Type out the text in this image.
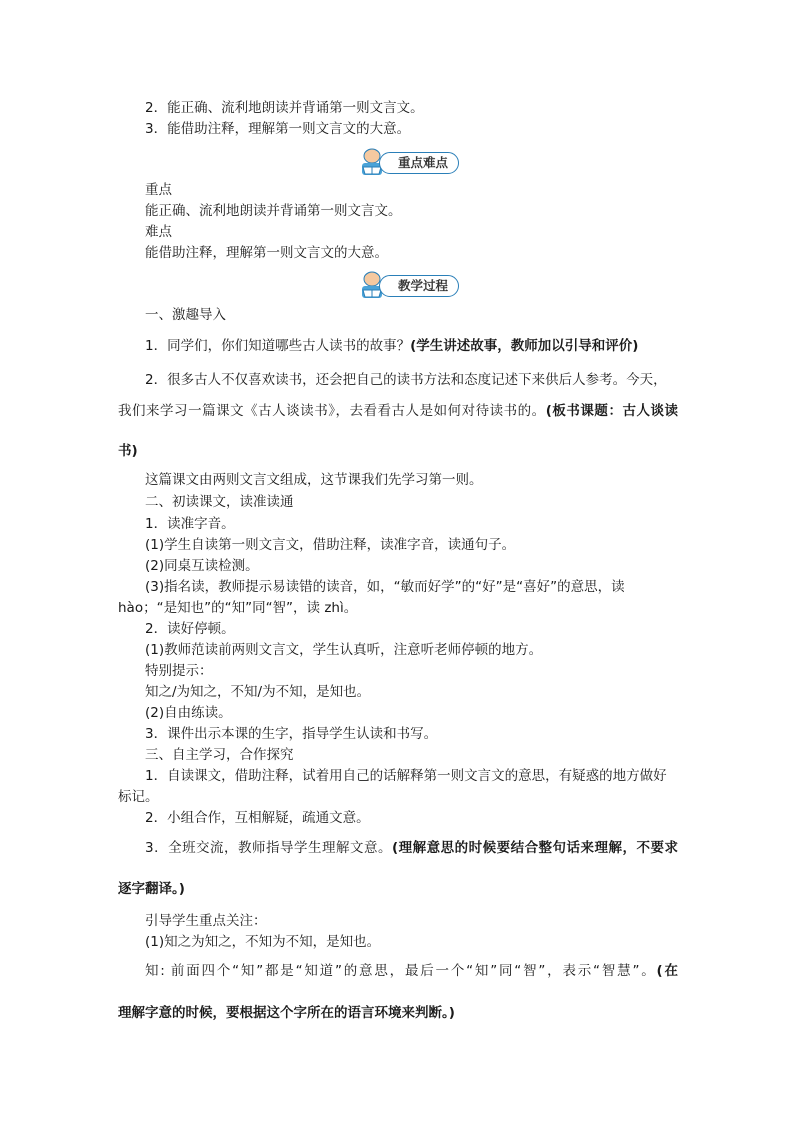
2．能正确、流利地朗读并背诵第一则文言文。
3．能借助注释，理解第一则文言文的大意。
重点难点
重点
能正确、流利地朗读并背诵第一则文言文。
难点
能借助注释，理解第一则文言文的大意。
教学过程
一、激趣导入
1．同学们，你们知道哪些古人读书的故事？(学生讲述故事，教师加以引导和评价)
2．很多古人不仅喜欢读书，还会把自己的读书方法和态度记述下来供后人参考。今天，
我们来学习一篇课文《古人谈读书》，去看看古人是如何对待读书的。(板书课题：古人谈读
书)
这篇课文由两则文言文组成，这节课我们先学习第一则。
二、初读课文，读准读通
1．读准字音。
(1)学生自读第一则文言文，借助注释，读准字音，读通句子。
(2)同桌互读检测。
(3)指名读，教师提示易读错的读音，如，“敏而好学”的“好”是“喜好”的意思，读
hào；“是知也”的“知”同“智”，读 zhì。
2．读好停顿。
(1)教师范读前两则文言文，学生认真听，注意听老师停顿的地方。
特别提示：
知之/为知之，不知/为不知，是知也。
(2)自由练读。
3．课件出示本课的生字，指导学生认读和书写。
三、自主学习，合作探究
1．自读课文，借助注释，试着用自己的话解释第一则文言文的意思，有疑惑的地方做好
标记。
2．小组合作，互相解疑，疏通文意。
3．全班交流，教师指导学生理解文意。(理解意思的时候要结合整句话来理解，不要求
逐字翻译。)
引导学生重点关注：
(1)知之为知之，不知为不知，是知也。
知: 前面四个“知”都是“知道”的意思，最后一个“知”同“智”，表示“智慧”。(在
理解字意的时候，要根据这个字所在的语言环境来判断。)
